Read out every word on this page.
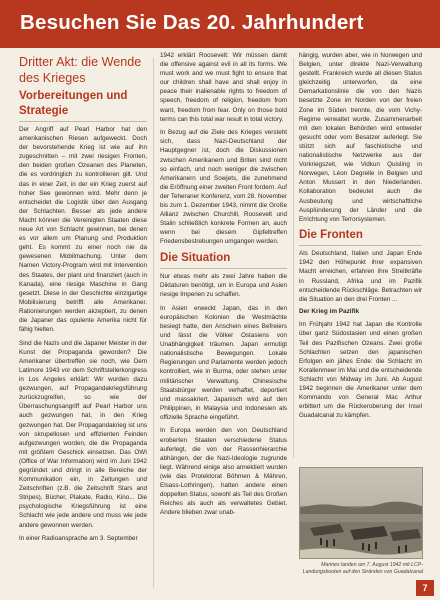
Besuchen Sie Das 20. Jahrhundert
Dritter Akt: die Wende des Krieges
Vorbereitungen und Strategie

Der Angriff auf Pearl Harbor hat den amerikanischen Riesen aufgeweckt. Doch der bevorstehende Krieg ist wie auf ihn zugeschnitten – mit zwei riesigen Fronten, den beiden großen Ozeanen des Planeten, die es vordringlich zu kontrollieren gilt. Und das in einer Zeit, in der ein Krieg zuerst auf hoher See gewonnen wird. Mehr denn je entscheidet die Logistik über den Ausgang der Schlachten. Besser als jede andere Macht können die Vereinigten Staaten diese neue Art von Schlacht gewinnen, bei denen es vor allem um Planung und Produktion geht. Es kommt zu einer noch nie da gewesenen Mobilmachung. Unter dem Namen Victory-Program wird mit Intervention des Staates, der plant und finanziert (auch in Kanada), eine riesige Maschine in Gang gesetzt. Diese in der Geschichte einzigartige Mobilisierung betrifft alle Amerikaner. Rationierungen werden akzeptiert, zu denen die Japaner das opulente Amerika nicht für fähig hielten.

Sind die Nazis und die Japaner Meister in der Kunst der Propaganda geworden? Die Amerikaner übertreffen sie noch, wie Dem Latimore 1943 vor dem Schriftstellerkongress in Los Angeles erklärt: Wir wurden dazu gezwungen, auf Propagandakriegsführung zurückzugreifen, so wie der Überraschungsangriff auf Pearl Harbor uns auch gezwungen hat, in den Krieg gezwungen hat. Der Propagandakrieg ist uns von skrupellosen und effizienten Feinden aufgezwungen worden, die die Propaganda mit größtem Geschick einsetzen. Das OWI (Office of War Information) wird im Juni 1942 gegründet und dringt in alle Bereiche der Kommunikation ein, in Zeitungen und Zeitschriften (z.B. die Zeitschrift Stars and Stripes), Bücher, Plakate, Radio, Kino... Die psychologische Kriegsführung ist eine Schlacht wie jede andere und muss wie jede andere gewonnen werden.

In einer Radioansprache am 3. September

1942 erklärt Roosevelt: Wir müssen damit die offensive against evil in all its forms. We must work and we must fight to ensure that our children shall have and shall enjoy in peace their inalienable rights to freedom of speech, freedom of religion, freedom from want, freedom from fear. Only on those bold terms can this total war result in total victory.

In Bezug auf die Ziele des Krieges versteht sich, dass Nazi-Deutschland der Hauptgegner ist, doch die Diskussionen zwischen Amerikanern und Briten sind nicht so einfach, und noch weniger die zwischen Amerikanern und Sowjets, die zunehmend die Eröffnung einer zweiten Front fordern. Auf der Teheraner Konferenz, vom 28. November bis zum 1. Dezember 1943, nimmt die Große Allianz zwischen Churchill, Roosevelt und Stalin schließlich konkrete Formen an, auch wenn bei diesem Gipfeltreffen Friedensbestrebungen umgangen werden.

Die Situation

Nur etwas mehr als zwei Jahre haben die Diktaturen benötigt, um in Europa und Asien riesige Imperien zu schaffen.

In Asien erweckt Japan, das in den europäischen Kolonien die Westmächte besiegt hatte, den Anschein eines Befreiers und lässt die Völker Ostasiens von Unabhängigkeit träumen. Japan ermutigt nationalistische Bewegungen. Lokale Regierungen und Parlamente werden jedoch kontrolliert, wie in Burma, oder stehen unter militärischer Verwaltung. Chinesische Staatsbürger werden verhaftet, deportiert und massakriert. Japanisch wird auf den Philippinen, in Malaysia und Indonesien als offizielle Sprache eingeführt.

In Europa werden den von Deutschland eroberten Staaten verschiedene Status auferlegt, die von der Rassenhierarchie abhängen, der die Nazi-Ideologie zugrunde liegt. Während einige also annektiert wurden (wie das Protektorat Böhmen & Mähren, Elsass-Lothringen), hatten andere einen doppelten Status, sowohl als Teil des Großen Reiches als auch als verwaltetes Gebiet. Andere blieben zwar unab-

hängig, wurden aber, wie in Norwegen und Belgien, unter direkte Nazi-Verwaltung gestellt. Frankreich wurde all diesen Status gleichzeitig unterworfen, da eine Demarkationslinie die von den Nazis besetzte Zone im Norden von der freien Zone im Süden trennte, die vom Vichy-Regime verwaltet wurde. Zusammenarbeit mit den lokalen Behörden wird entweder gesucht oder vom Besatzer auferlegt. Sie stützt sich auf faschistische und nationalistische Netzwerke aus der Vorkriegszeit, wie Vidkun Quisling in Norwegen, Léon Degrelle in Belgien und Anton Mussert in den Niederlanden. Kollaboration bedeutet auch die Ausbeutung und wirtschaftliche Ausplünderung der Länder und die Errichtung von Terrorsystemen.

Die Fronten

Als Deutschland, Italien und Japan Ende 1942 den Höhepunkt ihrer expansiven Macht erreichen, erfahren ihre Streitkräfte in Russland, Afrika und im Pazifik entscheidende Rückschläge. Betrachten wir die Situation an den drei Fronten ...

Der Krieg im Pazifik

Im Frühjahr 1942 hat Japan die Kontrolle über ganz Südostasien und einen großen Teil des Pazifischen Ozeans. Zwei große Schlachten setzen den japanischen Erfolgen ein jähes Ende: die Schlacht im Korallenmeer im Mai und die entscheidende Schlacht von Midway im Juni. Ab August 1942 beginnen die Amerikaner unter dem Kommando von General Mac Arthur erbittert um die Rückeroberung der Insel Guadalcanal zu kämpfen.

Marines landen am 7. August 1942 mit LCP-Landungsbooten auf den Stränden von Guadalcanal
7
